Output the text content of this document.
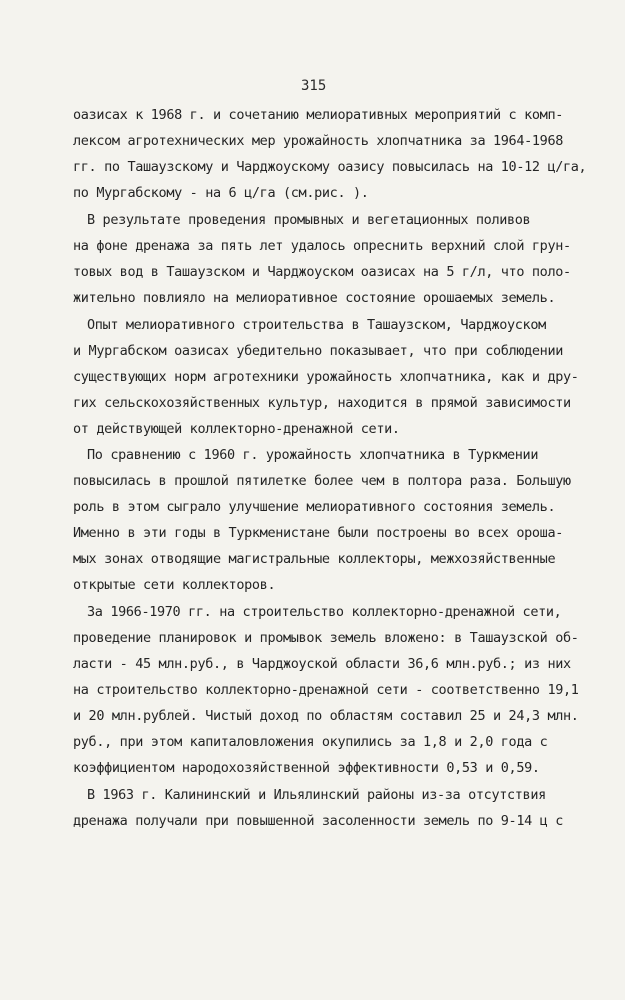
315
оазисах к 1968 г. и сочетанию мелиоративных мероприятий с комп-
лексом агротехнических мер урожайность хлопчатника за 1964-1968
гг. по Ташаузскому и Чарджоускому оазису повысилась на 10-12 ц/га,
по Мургабскому - на 6 ц/га (см.рис. ).
В результате проведения промывных и вегетационных поливов
на фоне дренажа за пять лет удалось опреснить верхний слой грун-
товых вод в Ташаузском и Чарджоуском оазисах на 5 г/л, что поло-
жительно повлияло на мелиоративное состояние орошаемых земель.
Опыт мелиоративного строительства в Ташаузском, Чарджоуском
и Мургабском оазисах убедительно показывает, что при соблюдении
существующих норм агротехники урожайность хлопчатника, как и дру-
гих сельскохозяйственных культур, находится в прямой зависимости
от действующей коллекторно-дренажной сети.
По сравнению с 1960 г. урожайность хлопчатника в Туркмении
повысилась в прошлой пятилетке более чем в полтора раза. Большую
роль в этом сыграло улучшение мелиоративного состояния земель.
Именно в эти годы в Туркменистане были построены во всех ороша-
мых зонах отводящие магистральные коллекторы, межхозяйственные
открытые сети коллекторов.
За 1966-1970 гг. на строительство коллекторно-дренажной сети,
проведение планировок и промывок земель вложено: в Ташаузской об-
ласти - 45 млн.руб., в Чарджоуской области 36,6 млн.руб.; из них
на строительство коллекторно-дренажной сети - соответственно 19,1
и 20 млн.рублей. Чистый доход по областям составил 25 и 24,3 млн.
руб., при этом капиталовложения окупились за 1,8 и 2,0 года с
коэффициентом народохозяйственной эффективности 0,53 и 0,59.
В 1963 г. Калининский и Ильялинский районы из-за отсутствия
дренажа получали при повышенной засоленности земель по 9-14 ц с
